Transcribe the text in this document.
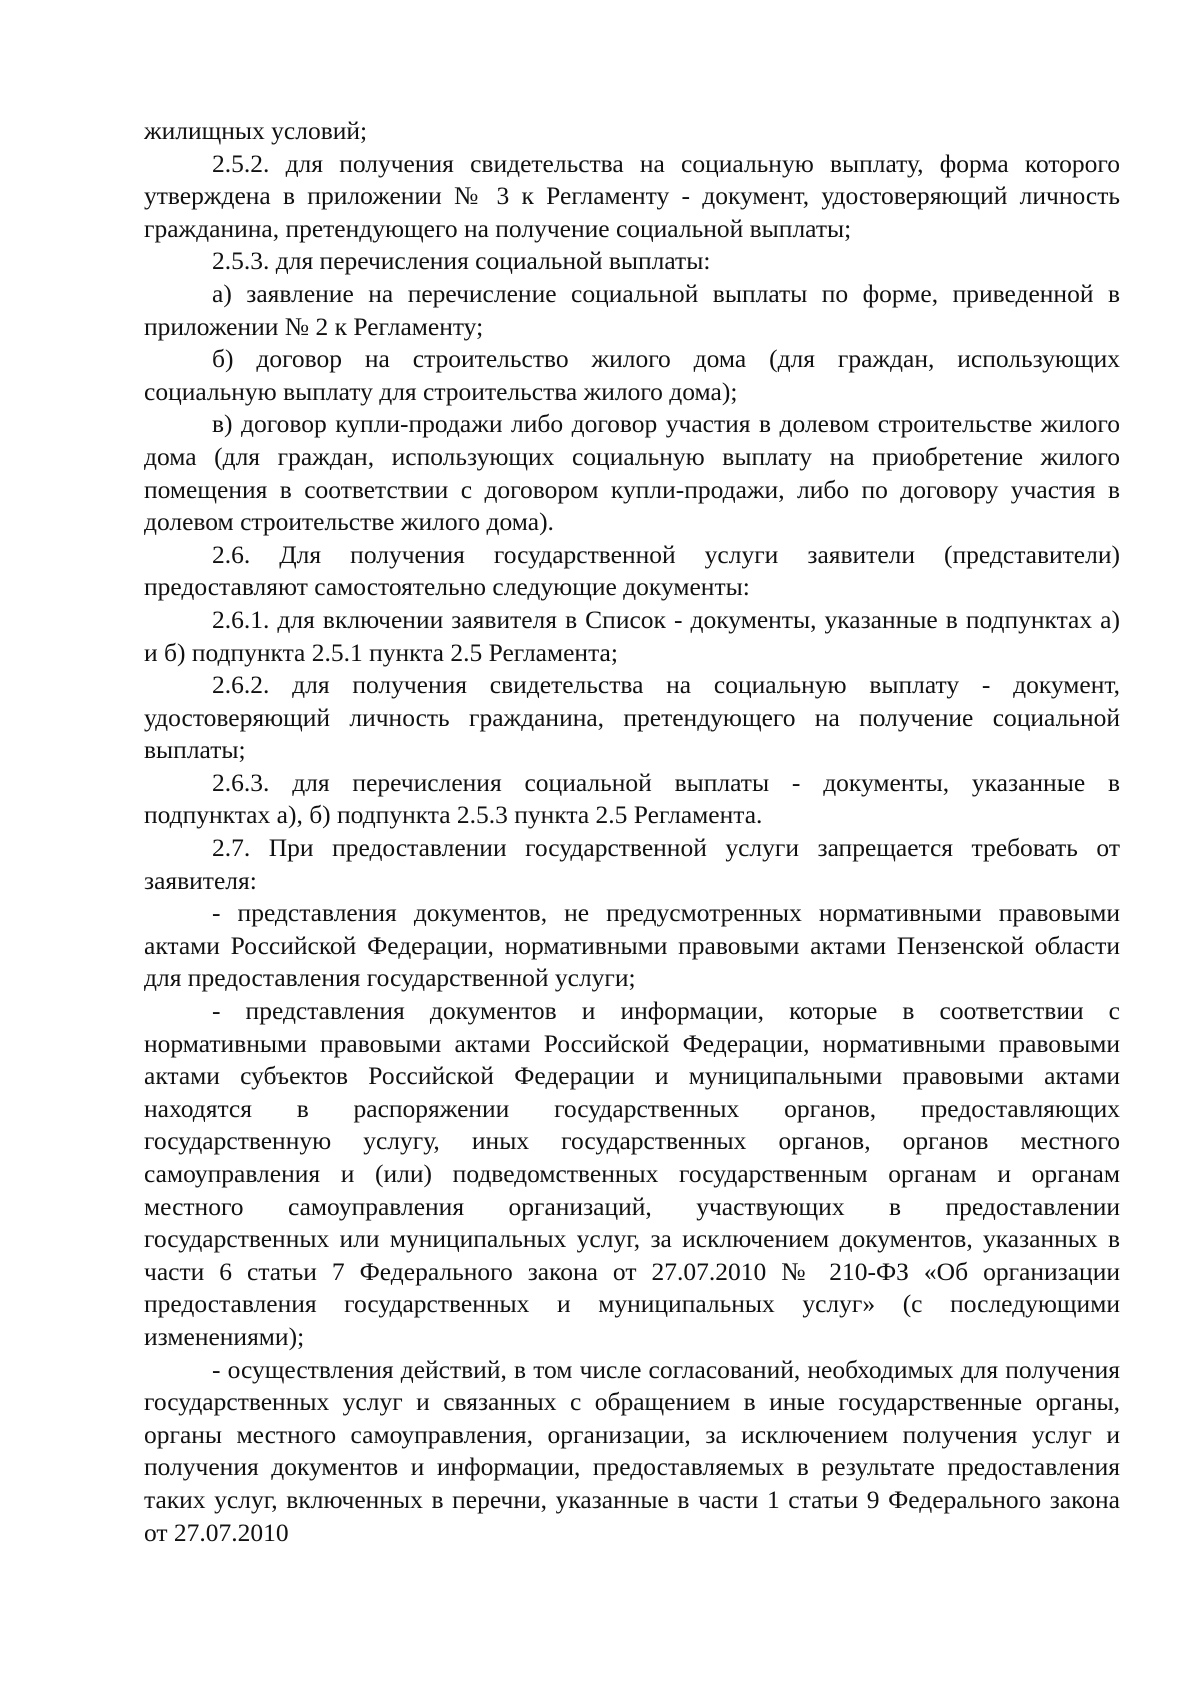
жилищных условий;

2.5.2. для получения свидетельства на социальную выплату, форма которого утверждена в приложении № 3 к Регламенту - документ, удостоверяющий личность гражданина, претендующего на получение социальной выплаты;

2.5.3. для перечисления социальной выплаты:

а) заявление на перечисление социальной выплаты по форме, приведенной в приложении № 2 к Регламенту;

б) договор на строительство жилого дома (для граждан, использующих социальную выплату для строительства жилого дома);

в) договор купли-продажи либо договор участия в долевом строительстве жилого дома (для граждан, использующих социальную выплату на приобретение жилого помещения в соответствии с договором купли-продажи, либо по договору участия в долевом строительстве жилого дома).

2.6. Для получения государственной услуги заявители (представители) предоставляют самостоятельно следующие документы:

2.6.1. для включении заявителя в Список - документы, указанные в подпунктах а) и б) подпункта 2.5.1 пункта 2.5 Регламента;

2.6.2. для получения свидетельства на социальную выплату - документ, удостоверяющий личность гражданина, претендующего на получение социальной выплаты;

2.6.3. для перечисления социальной выплаты - документы, указанные в подпунктах а), б) подпункта 2.5.3 пункта 2.5 Регламента.

2.7. При предоставлении государственной услуги запрещается требовать от заявителя:

- представления документов, не предусмотренных нормативными правовыми актами Российской Федерации, нормативными правовыми актами Пензенской области для предоставления государственной услуги;

- представления документов и информации, которые в соответствии с нормативными правовыми актами Российской Федерации, нормативными правовыми актами субъектов Российской Федерации и муниципальными правовыми актами находятся в распоряжении государственных органов, предоставляющих государственную услугу, иных государственных органов, органов местного самоуправления и (или) подведомственных государственным органам и органам местного самоуправления организаций, участвующих в предоставлении государственных или муниципальных услуг, за исключением документов, указанных в части 6 статьи 7 Федерального закона от 27.07.2010 № 210-ФЗ «Об организации предоставления государственных и муниципальных услуг» (с последующими изменениями);

- осуществления действий, в том числе согласований, необходимых для получения государственных услуг и связанных с обращением в иные государственные органы, органы местного самоуправления, организации, за исключением получения услуг и получения документов и информации, предоставляемых в результате предоставления таких услуг, включенных в перечни, указанные в части 1 статьи 9 Федерального закона от 27.07.2010
